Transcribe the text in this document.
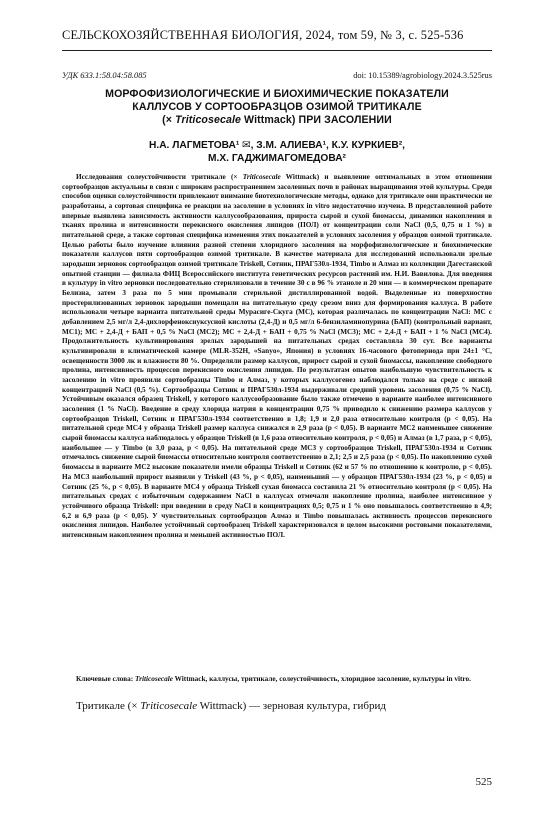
СЕЛЬСКОХОЗЯЙСТВЕННАЯ БИОЛОГИЯ, 2024, том 59, № 3, с. 525-536
УДК 633.1:58.04:58.085	doi: 10.15389/agrobiology.2024.3.525rus
МОРФОФИЗИОЛОГИЧЕСКИЕ И БИОХИМИЧЕСКИЕ ПОКАЗАТЕЛИ
КАЛЛУСОВ У СОРТООБРАЗЦОВ ОЗИМОЙ ТРИТИКАЛЕ
(× Triticosecale Wittmack) ПРИ ЗАСОЛЕНИИ
Н.А. ЛАГМЕТОВА¹ ✉, З.М. АЛИЕВА¹, К.У. КУРКИЕВ²,
М.Х. ГАДЖИМАГОМЕДОВА²

Исследования солеустойчивости тритикале (× Triticosecale Wittmack) и выявление оптимальных в этом отношении сортообразцов актуальны в связи с широким распространением засоленных почв в районах выращивания этой культуры. Среди способов оценки солеустойчивости привлекают внимание биотехнологические методы, однако для тритикале они практически не разработаны, а сортовая специфика ее реакции на засоление в условиях in vitro недостаточно изучена. В представленной работе впервые выявлена зависимость активности каллусообразования, прироста сырой и сухой биомассы, динамики накопления в тканях пролина и интенсивности перекисного окисления липидов (ПОЛ) от концентрации соли NaCl (0,5, 0,75 и 1 %) в питательной среде, а также сортовая специфика изменения этих показателей в условиях засоления у образцов озимой тритикале. Целью работы было изучение влияния разной степени хлоридного засоления на морфофизиологические и биохимические показатели каллусов пяти сортообразцов озимой тритикале. В качестве материала для исследований использовали зрелые зародыши зерновок сортообразцов озимой тритикале Triskell, Сотник, ПРАГ530л-1934, Timbo и Алмаз из коллекции Дагестанской опытной станции — филиала ФИЦ Всероссийского института генетических ресурсов растений им. Н.И. Вавилова. Для введения в культуру in vitro зерновки последовательно стерилизовали в течение 30 с в 96 % этаноле и 20 мин — в коммерческом препарате Белизна, затем 3 раза по 5 мин промывали стерильной дистиллированной водой. Выделенные из поверхностно простерилизованных зерновок зародыши помещали на питательную среду срезом вниз для формирования каллуса. В работе использовали четыре варианта питательной среды Мурасиге-Скуга (МС), которая различалась по концентрации NaCl: МС с добавлением 2,5 мг/л 2,4-дихлорфеноксиуксусной кислоты (2,4-Д) и 0,5 мг/л 6-бензиламинопурина (БАП) (контрольный вариант, МС1); МС + 2,4-Д + БАП + 0,5 % NaCl (МС2); МС + 2,4-Д + БАП + 0,75 % NaCl (МС3); МС + 2,4-Д + БАП + 1 % NaCl (МС4). Продолжительность культивирования зрелых зародышей на питательных средах составляла 30 сут. Все варианты культивировали в климатической камере (MLR-352H, «Sanyo», Япония) в условиях 16-часового фотопериода при 24±1 °С, освещенности 3000 лк и влажности 80 %. Определяли размер каллусов, прирост сырой и сухой биомассы, накопление свободного пролина, интенсивность процессов перекисного окисления липидов. По результатам опытов наибольшую чувствительность к засолению in vitro проявили сортообразцы Timbo и Алмаз, у которых каллусогенез наблюдался только на среде с низкой концентрацией NaCl (0,5 %). Сортообразцы Сотник и ПРАГ530л-1934 выдерживали средний уровень засоления (0,75 % NaCl). Устойчивым оказался образец Triskell, у которого каллусообразование было также отмечено в варианте наиболее интенсивного засоления (1 % NaCl). Введение в среду хлорида натрия в концентрации 0,75 % приводило к снижению размера каллусов у сортообразцов Triskell, Сотник и ПРАГ530л-1934 соответственно в 1,8; 1,9 и 2,0 раза относительно контроля (р < 0,05). На питательной среде МС4 у образца Triskell размер каллуса снижался в 2,9 раза (р < 0,05). В варианте МС2 наименьшее снижение сырой биомассы каллуса наблюдалось у образцов Triskell (в 1,6 раза относительно контроля, р < 0,05) и Алмаз (в 1,7 раза, р < 0,05), наибольшее — у Timbo (в 3,0 раза, р < 0,05). На питательной среде МС3 у сортообразцов Triskell, ПРАГ530л-1934 и Сотник отмечалось снижение сырой биомассы относительно контроля соответственно в 2,1; 2,5 и 2,5 раза (р < 0,05). По накоплению сухой биомассы в варианте МС2 высокие показатели имели образцы Triskell и Сотник (62 и 57 % по отношению к контролю, р < 0,05). На МС3 наибольший прирост выявили у Triskell (43 %, р < 0,05), наименьший — у образцов ПРАГ530л-1934 (23 %, р < 0,05) и Сотник (25 %, р < 0,05). В варианте МС4 у образца Triskell сухая биомасса составила 21 % относительно контроля (р < 0,05). На питательных средах с избыточным содержанием NaCl в каллусах отмечали накопление пролина, наиболее интенсивное у устойчивого образца Triskell: при введении в среду NaCl в концентрациях 0,5; 0,75 и 1 % оно повышалось соответственно в 4,9; 6,2 и 6,9 раза (р < 0,05). У чувствительных сортообразцов Алмаз и Timbo повышалась активность процессов перекисного окисления липидов. Наиболее устойчивый сортообразец Triskell характеризовался в целом высокими ростовыми показателями, интенсивным накоплением пролина и меньшей активностью ПОЛ.

Ключевые слова: Triticosecale Wittmack, каллусы, тритикале, солеустойчивость, хлоридное засоление, культуры in vitro.

Тритикале (× Triticosecale Wittmack) — зерновая культура, гибрид
525
